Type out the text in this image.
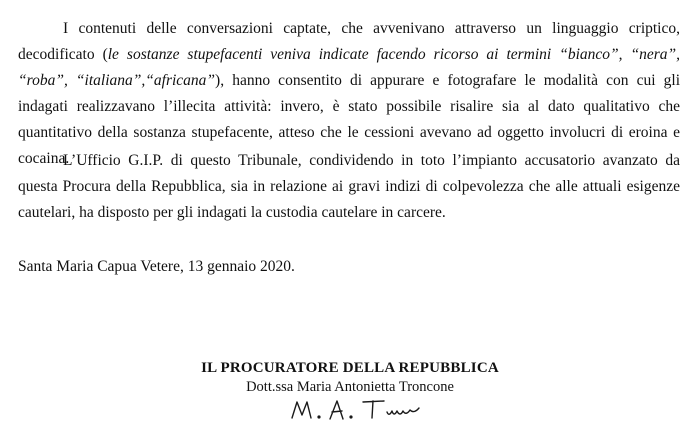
I contenuti delle conversazioni captate, che avvenivano attraverso un linguaggio criptico, decodificato (le sostanze stupefacenti veniva indicate facendo ricorso ai termini “bianco”, “nera”, “roba”, “italiana”,“africana”), hanno consentito di appurare e fotografare le modalità con cui gli indagati realizzavano l’illecita attività: invero, è stato possibile risalire sia al dato qualitativo che quantitativo della sostanza stupefacente, atteso che le cessioni avevano ad oggetto involucri di eroina e cocaina.

L’Ufficio G.I.P. di questo Tribunale, condividendo in toto l’impianto accusatorio avanzato da questa Procura della Repubblica, sia in relazione ai gravi indizi di colpevolezza che alle attuali esigenze cautelari, ha disposto per gli indagati la custodia cautelare in carcere.

Santa Maria Capua Vetere, 13 gennaio 2020.
IL PROCURATORE DELLA REPUBBLICA
Dott.ssa Maria Antonietta Troncone
